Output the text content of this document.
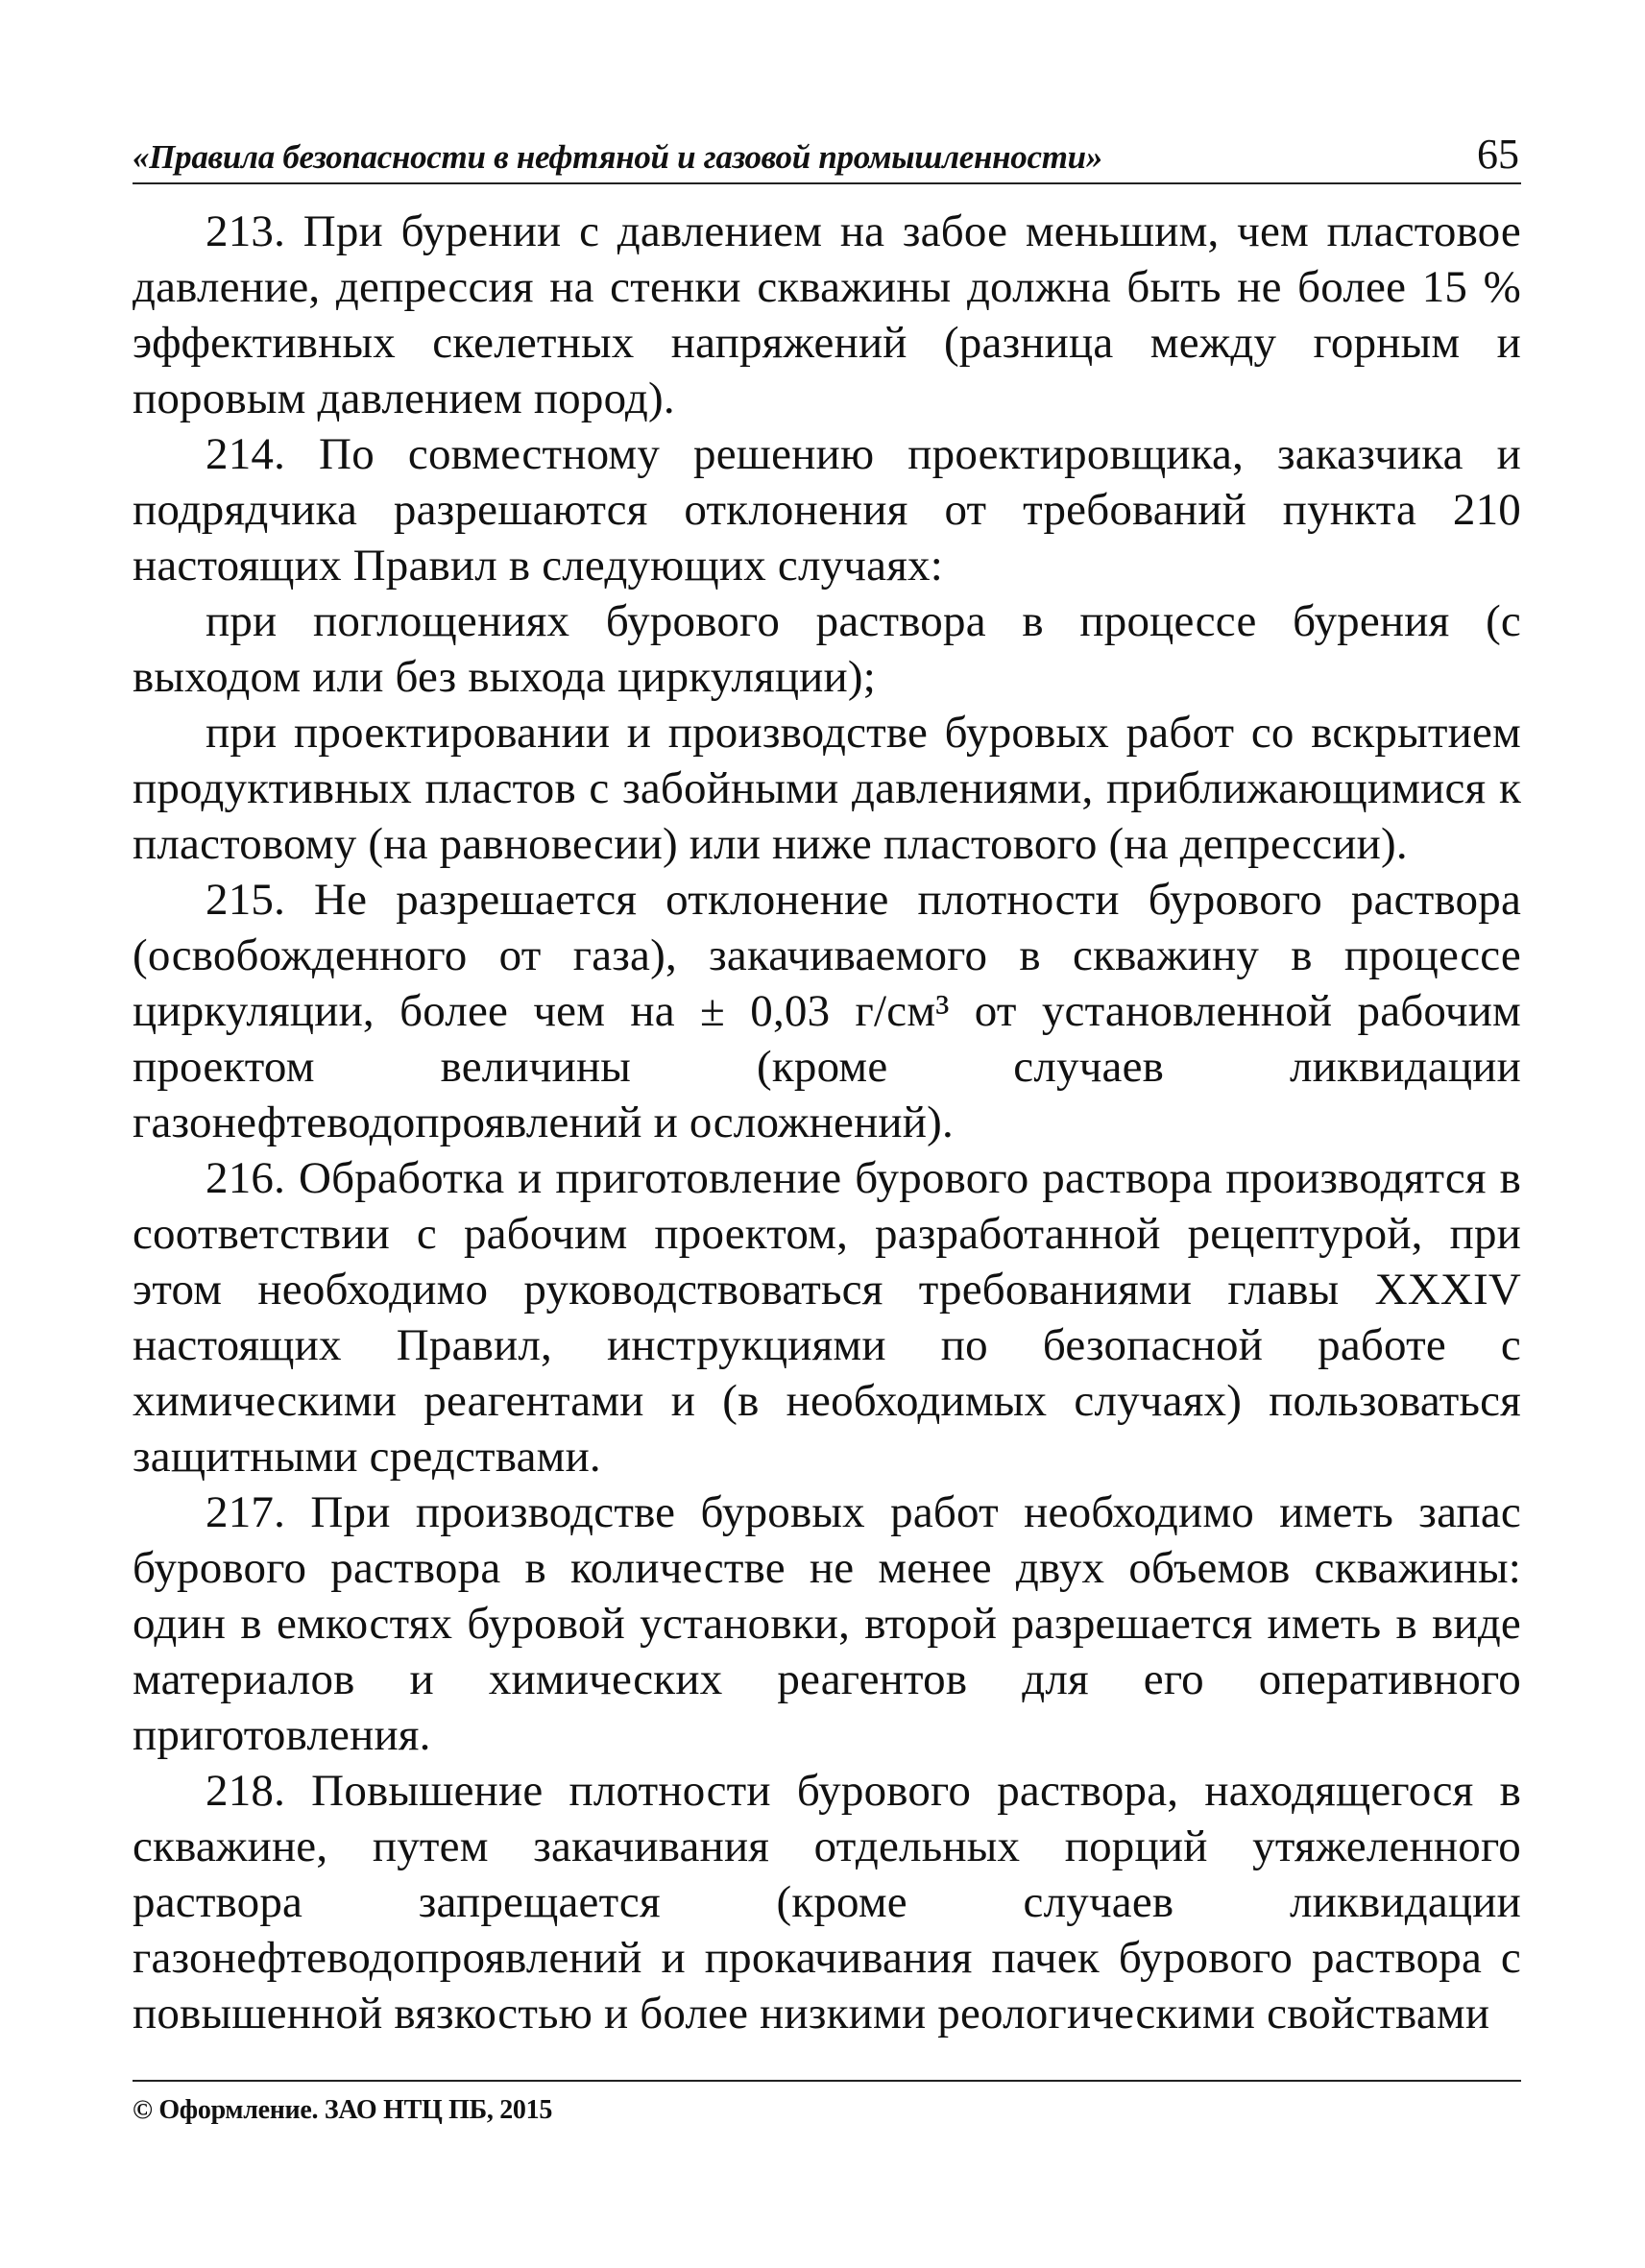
«Правила безопасности в нефтяной и газовой промышленности»	65

213. При бурении с давлением на забое меньшим, чем пластовое давление, депрессия на стенки скважины должна быть не более 15 % эффективных скелетных напряжений (разница между горным и поровым давлением пород).

214. По совместному решению проектировщика, заказчика и подрядчика разрешаются отклонения от требований пункта 210 настоящих Правил в следующих случаях:

при поглощениях бурового раствора в процессе бурения (с выходом или без выхода циркуляции);

при проектировании и производстве буровых работ со вскрытием продуктивных пластов с забойными давлениями, приближающимися к пластовому (на равновесии) или ниже пластового (на депрессии).

215. Не разрешается отклонение плотности бурового раствора (освобожденного от газа), закачиваемого в скважину в процессе циркуляции, более чем на ± 0,03 г/см³ от установленной рабочим проектом величины (кроме случаев ликвидации газонефтеводопроявлений и осложнений).

216. Обработка и приготовление бурового раствора производятся в соответствии с рабочим проектом, разработанной рецептурой, при этом необходимо руководствоваться требованиями главы XXXIV настоящих Правил, инструкциями по безопасной работе с химическими реагентами и (в необходимых случаях) пользоваться защитными средствами.

217. При производстве буровых работ необходимо иметь запас бурового раствора в количестве не менее двух объемов скважины: один в емкостях буровой установки, второй разрешается иметь в виде материалов и химических реагентов для его оперативного приготовления.

218. Повышение плотности бурового раствора, находящегося в скважине, путем закачивания отдельных порций утяжеленного раствора запрещается (кроме случаев ликвидации газонефтеводопроявлений и прокачивания пачек бурового раствора с повышенной вязкостью и более низкими реологическими свойствами

© Оформление. ЗАО НТЦ ПБ, 2015
